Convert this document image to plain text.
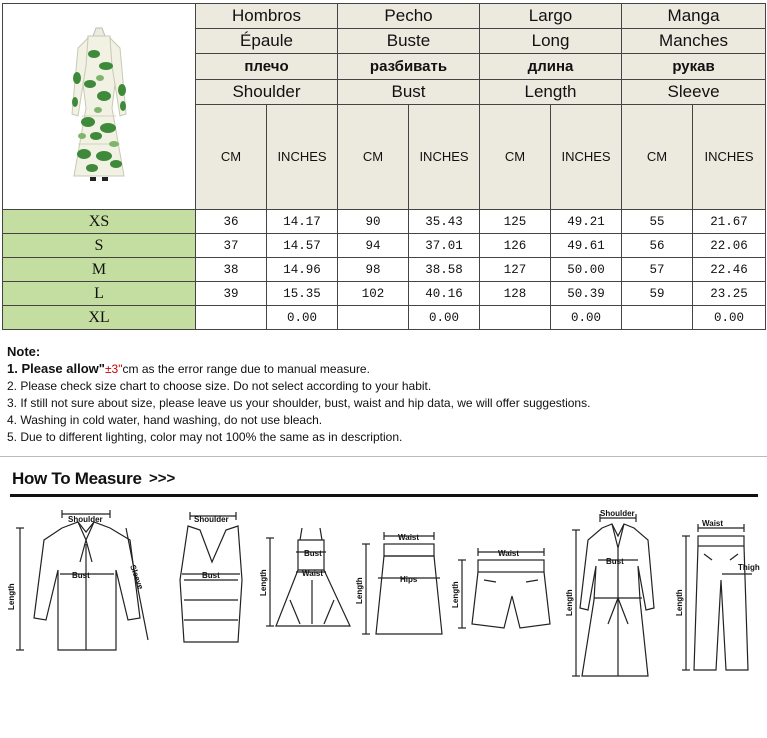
	Hombros		Pecho		Largo		Manga	
	Épaule		Buste		Long		Manches	
	плечо		разбивать		длина		рукав	
	Shoulder		Bust		Length		Sleeve	
	CM	INCHES	CM	INCHES	CM	INCHES	CM	INCHES
XS	36	14.17	90	35.43	125	49.21	55	21.67
S	37	14.57	94	37.01	126	49.61	56	22.06
M	38	14.96	98	38.58	127	50.00	57	22.46
L	39	15.35	102	40.16	128	50.39	59	23.25
XL		0.00		0.00		0.00		0.00
Note:
1. Please allow"±3"cm as the error range due to manual measure.
2. Please check size chart to choose size. Do not select according to your habit.
3. If still not sure about size, please leave us your shoulder, bust, waist and hip data, we will offer suggestions.
4. Washing in cold water, hand washing, do not use bleach.
5. Due to different lighting, color may not 100% the same as in description.
How To Measure >>>
Shoulder
Bust
Length
Sleeve
Shoulder
Bust
Bust
Waist
Length
Waist
Hips
Length
Waist
Length
Shoulder
Bust
Length
Waist
Thigh
Length
